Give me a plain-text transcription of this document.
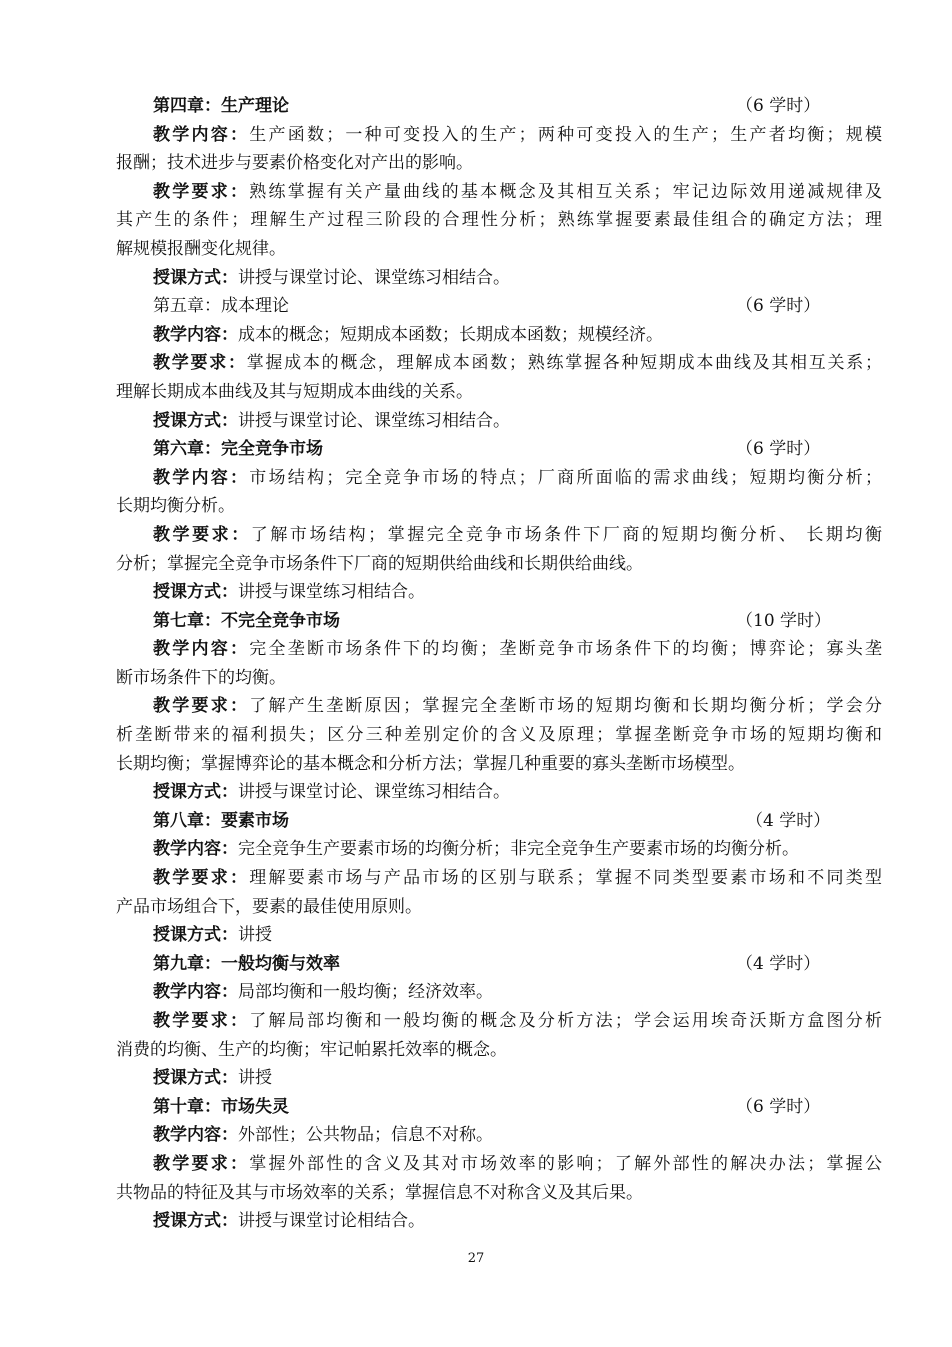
第四章：生产理论	（6 学时）
教学内容：生产函数；一种可变投入的生产；两种可变投入的生产；生产者均衡；规模
报酬；技术进步与要素价格变化对产出的影响。
教学要求：熟练掌握有关产量曲线的基本概念及其相互关系；牢记边际效用递减规律及
其产生的条件；理解生产过程三阶段的合理性分析；熟练掌握要素最佳组合的确定方法；理
解规模报酬变化规律。
授课方式：讲授与课堂讨论、课堂练习相结合。
第五章：成本理论	（6 学时）
教学内容：成本的概念；短期成本函数；长期成本函数；规模经济。
教学要求：掌握成本的概念，理解成本函数；熟练掌握各种短期成本曲线及其相互关系；
理解长期成本曲线及其与短期成本曲线的关系。
授课方式：讲授与课堂讨论、课堂练习相结合。
第六章：完全竞争市场	（6 学时）
教学内容：市场结构；完全竞争市场的特点；厂商所面临的需求曲线；短期均衡分析；
长期均衡分析。
教学要求：了解市场结构；掌握完全竞争市场条件下厂商的短期均衡分析、 长期均衡
分析；掌握完全竞争市场条件下厂商的短期供给曲线和长期供给曲线。
授课方式：讲授与课堂练习相结合。
第七章：不完全竞争市场	（10 学时）
教学内容：完全垄断市场条件下的均衡；垄断竞争市场条件下的均衡；博弈论；寡头垄
断市场条件下的均衡。
教学要求：了解产生垄断原因；掌握完全垄断市场的短期均衡和长期均衡分析；学会分
析垄断带来的福利损失；区分三种差别定价的含义及原理；掌握垄断竞争市场的短期均衡和
长期均衡；掌握博弈论的基本概念和分析方法；掌握几种重要的寡头垄断市场模型。
授课方式：讲授与课堂讨论、课堂练习相结合。
第八章：要素市场	（4 学时）
教学内容：完全竞争生产要素市场的均衡分析；非完全竞争生产要素市场的均衡分析。
教学要求：理解要素市场与产品市场的区别与联系；掌握不同类型要素市场和不同类型
产品市场组合下，要素的最佳使用原则。
授课方式：讲授
第九章：一般均衡与效率	（4 学时）
教学内容：局部均衡和一般均衡；经济效率。
教学要求：了解局部均衡和一般均衡的概念及分析方法；学会运用埃奇沃斯方盒图分析
消费的均衡、生产的均衡；牢记帕累托效率的概念。
授课方式：讲授
第十章：市场失灵	（6 学时）
教学内容：外部性；公共物品；信息不对称。
教学要求：掌握外部性的含义及其对市场效率的影响；了解外部性的解决办法；掌握公
共物品的特征及其与市场效率的关系；掌握信息不对称含义及其后果。
授课方式：讲授与课堂讨论相结合。
27
